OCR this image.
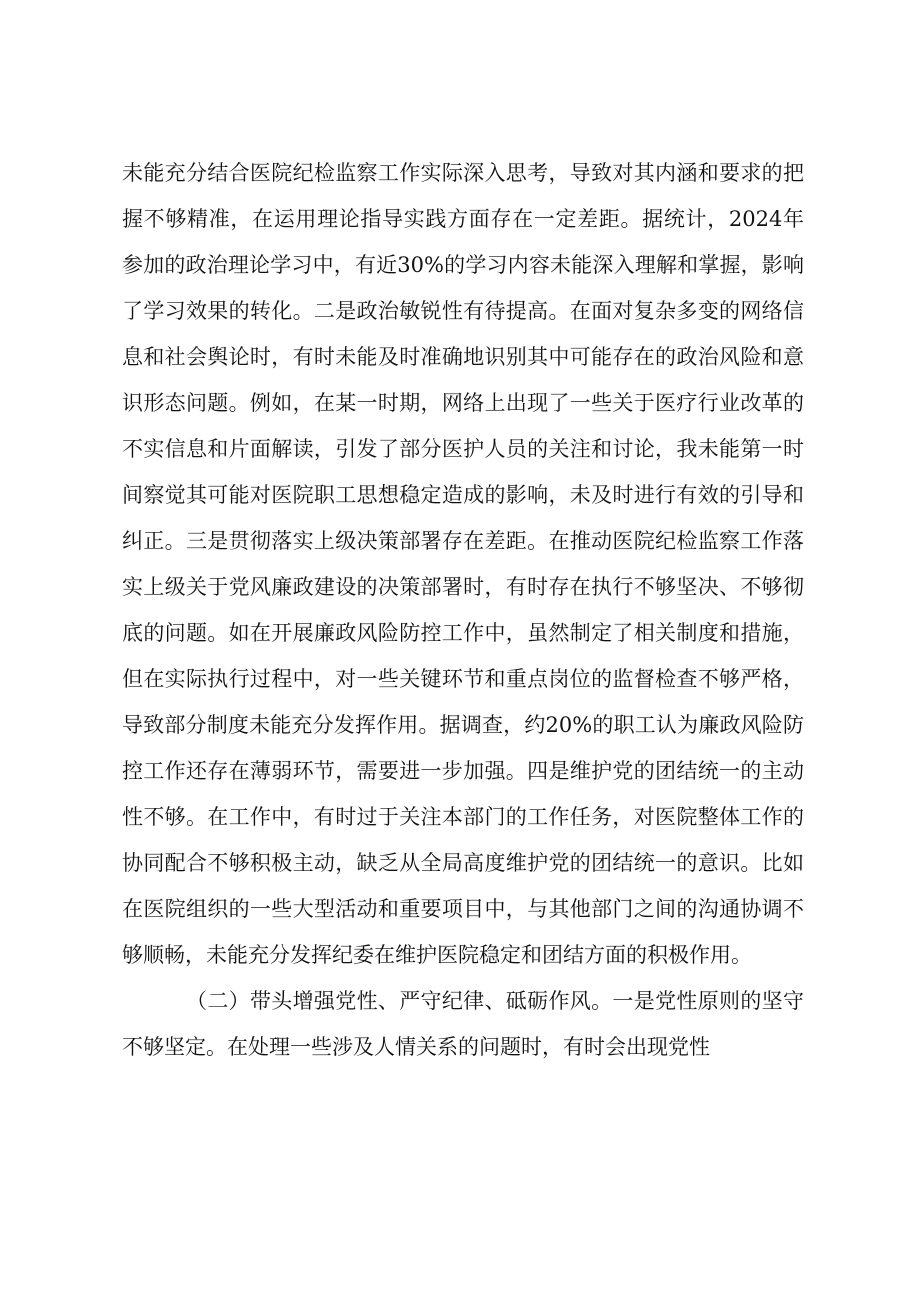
未能充分结合医院纪检监察工作实际深入思考，导致对其内涵和要求的把握不够精准，在运用理论指导实践方面存在一定差距。据统计，2024年参加的政治理论学习中，有近30%的学习内容未能深入理解和掌握，影响了学习效果的转化。二是政治敏锐性有待提高。在面对复杂多变的网络信息和社会舆论时，有时未能及时准确地识别其中可能存在的政治风险和意识形态问题。例如，在某一时期，网络上出现了一些关于医疗行业改革的不实信息和片面解读，引发了部分医护人员的关注和讨论，我未能第一时间察觉其可能对医院职工思想稳定造成的影响，未及时进行有效的引导和纠正。三是贯彻落实上级决策部署存在差距。在推动医院纪检监察工作落实上级关于党风廉政建设的决策部署时，有时存在执行不够坚决、不够彻底的问题。如在开展廉政风险防控工作中，虽然制定了相关制度和措施，但在实际执行过程中，对一些关键环节和重点岗位的监督检查不够严格，导致部分制度未能充分发挥作用。据调查，约20%的职工认为廉政风险防控工作还存在薄弱环节，需要进一步加强。四是维护党的团结统一的主动性不够。在工作中，有时过于关注本部门的工作任务，对医院整体工作的协同配合不够积极主动，缺乏从全局高度维护党的团结统一的意识。比如在医院组织的一些大型活动和重要项目中，与其他部门之间的沟通协调不够顺畅，未能充分发挥纪委在维护医院稳定和团结方面的积极作用。

（二）带头增强党性、严守纪律、砥砺作风。一是党性原则的坚守不够坚定。在处理一些涉及人情关系的问题时，有时会出现党性
